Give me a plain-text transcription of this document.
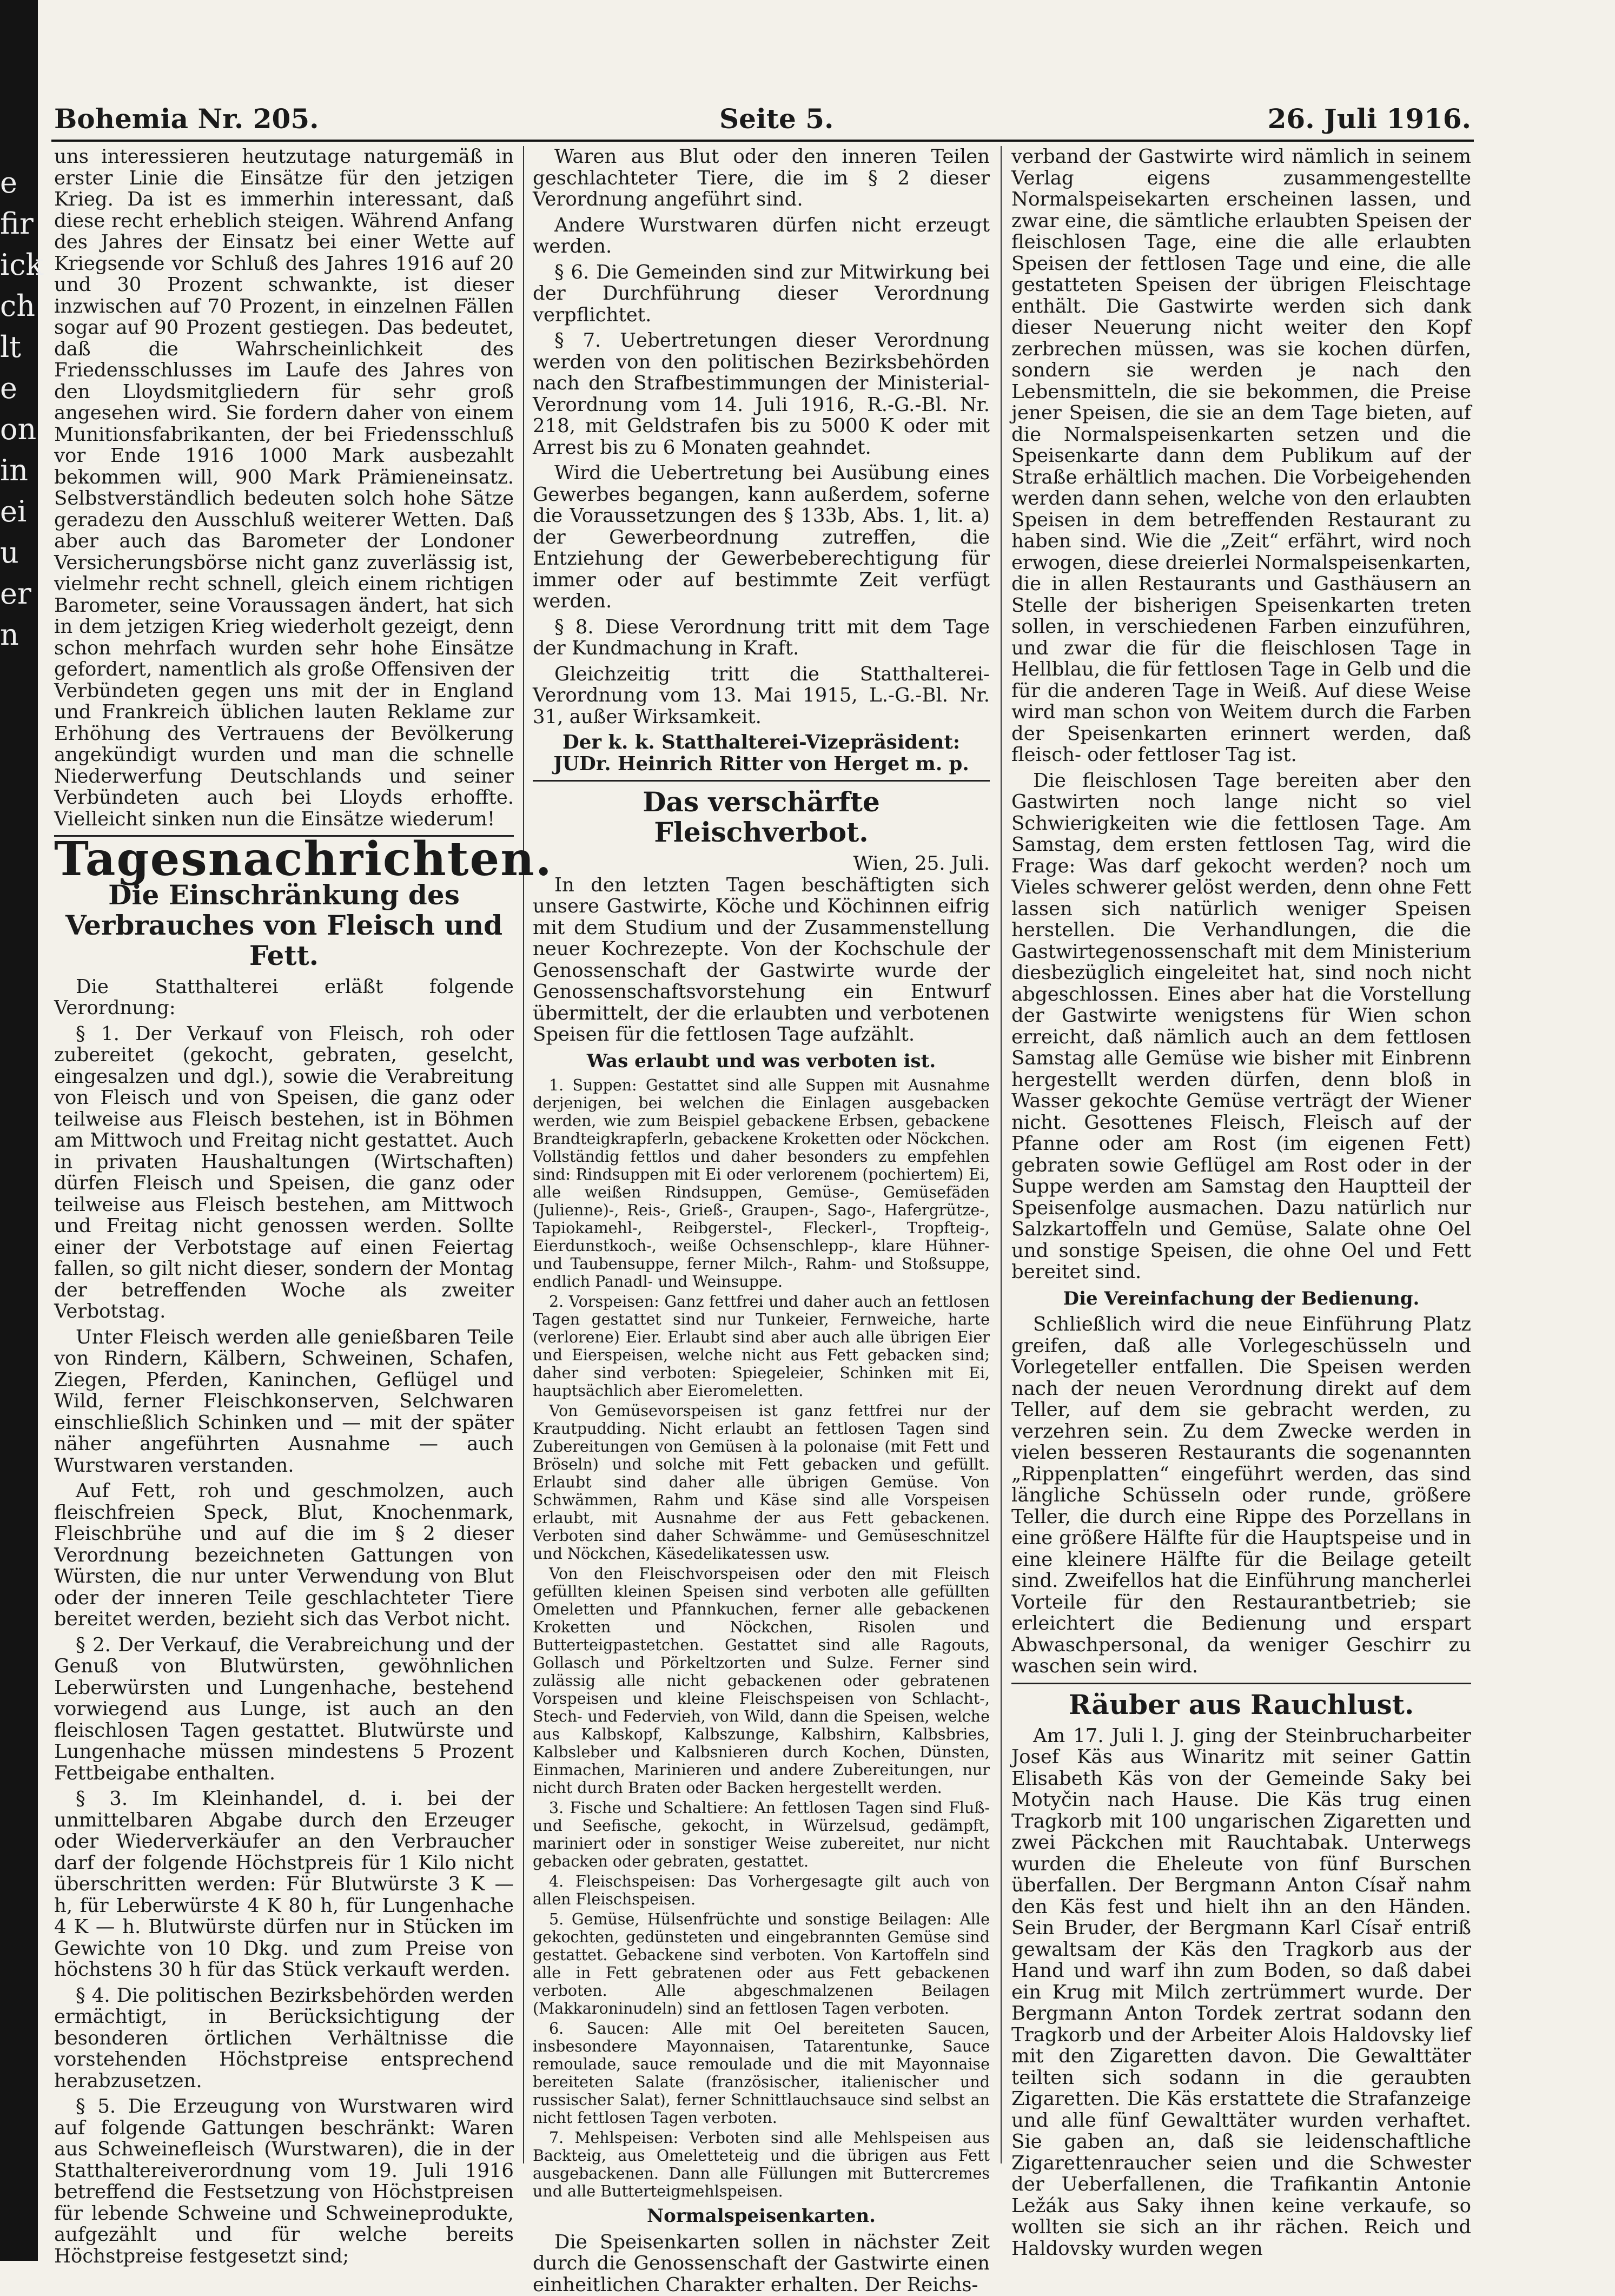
Bohemia Nr. 205.	Seite 5.	26. Juli 1916.

uns interessieren heutzutage naturgemäß in erster Linie die Einsätze für den jetzigen Krieg. Da ist es immerhin interessant, daß diese recht erheblich steigen. Während Anfang des Jahres der Einsatz bei einer Wette auf Kriegsende vor Schluß des Jahres 1916 auf 20 und 30 Prozent schwankte, ist dieser inzwischen auf 70 Prozent, in einzelnen Fällen sogar auf 90 Prozent gestiegen. Das bedeutet, daß die Wahrscheinlichkeit des Friedensschlusses im Laufe des Jahres von den Lloydsmitgliedern für sehr groß angesehen wird. Sie fordern daher von einem Munitionsfabrikanten, der bei Friedensschluß vor Ende 1916 1000 Mark ausbezahlt bekommen will, 900 Mark Prämieneinsatz. Selbstverständlich bedeuten solch hohe Sätze geradezu den Ausschluß weiterer Wetten. Daß aber auch das Barometer der Londoner Versicherungsbörse nicht ganz zuverlässig ist, vielmehr recht schnell, gleich einem richtigen Barometer, seine Voraussagen ändert, hat sich in dem jetzigen Krieg wiederholt gezeigt, denn schon mehrfach wurden sehr hohe Einsätze gefordert, namentlich als große Offensiven der Verbündeten gegen uns mit der in England und Frankreich üblichen lauten Reklame zur Erhöhung des Vertrauens der Bevölkerung angekündigt wurden und man die schnelle Niederwerfung Deutschlands und seiner Verbündeten auch bei Lloyds erhoffte. Vielleicht sinken nun die Einsätze wiederum!

Tagesnachrichten.
Die Einschränkung des Verbrauches von Fleisch und Fett.

Die Statthalterei erläßt folgende Verordnung:

§ 1. Der Verkauf von Fleisch, roh oder zubereitet (gekocht, gebraten, geselcht, eingesalzen und dgl.), sowie die Verabreitung von Fleisch und von Speisen, die ganz oder teilweise aus Fleisch bestehen, ist in Böhmen am Mittwoch und Freitag nicht gestattet. Auch in privaten Haushaltungen (Wirtschaften) dürfen Fleisch und Speisen, die ganz oder teilweise aus Fleisch bestehen, am Mittwoch und Freitag nicht genossen werden. Sollte einer der Verbotstage auf einen Feiertag fallen, so gilt nicht dieser, sondern der Montag der betreffenden Woche als zweiter Verbotstag.

Unter Fleisch werden alle genießbaren Teile von Rindern, Kälbern, Schweinen, Schafen, Ziegen, Pferden, Kaninchen, Geflügel und Wild, ferner Fleischkonserven, Selchwaren einschließlich Schinken und — mit der später näher angeführten Ausnahme — auch Wurstwaren verstanden.

Auf Fett, roh und geschmolzen, auch fleischfreien Speck, Blut, Knochenmark, Fleischbrühe und auf die im § 2 dieser Verordnung bezeichneten Gattungen von Würsten, die nur unter Verwendung von Blut oder der inneren Teile geschlachteter Tiere bereitet werden, bezieht sich das Verbot nicht.

§ 2. Der Verkauf, die Verabreichung und der Genuß von Blutwürsten, gewöhnlichen Leberwürsten und Lungenhache, bestehend vorwiegend aus Lunge, ist auch an den fleischlosen Tagen gestattet. Blutwürste und Lungenhache müssen mindestens 5 Prozent Fettbeigabe enthalten.

§ 3. Im Kleinhandel, d. i. bei der unmittelbaren Abgabe durch den Erzeuger oder Wiederverkäufer an den Verbraucher darf der folgende Höchstpreis für 1 Kilo nicht überschritten werden: Für Blutwürste 3 K — h, für Leberwürste 4 K 80 h, für Lungenhache 4 K — h. Blutwürste dürfen nur in Stücken im Gewichte von 10 Dkg. und zum Preise von höchstens 30 h für das Stück verkauft werden.

§ 4. Die politischen Bezirksbehörden werden ermächtigt, in Berücksichtigung der besonderen örtlichen Verhältnisse die vorstehenden Höchstpreise entsprechend herabzusetzen.

§ 5. Die Erzeugung von Wurstwaren wird auf folgende Gattungen beschränkt: Waren aus Schweinefleisch (Wurstwaren), die in der Statthaltereiverordnung vom 19. Juli 1916 betreffend die Festsetzung von Höchstpreisen für lebende Schweine und Schweineprodukte, aufgezählt und für welche bereits Höchstpreise festgesetzt sind;

Waren aus Blut oder den inneren Teilen geschlachteter Tiere, die im § 2 dieser Verordnung angeführt sind.

Andere Wurstwaren dürfen nicht erzeugt werden.

§ 6. Die Gemeinden sind zur Mitwirkung bei der Durchführung dieser Verordnung verpflichtet.

§ 7. Uebertretungen dieser Verordnung werden von den politischen Bezirksbehörden nach den Strafbestimmungen der Ministerial-Verordnung vom 14. Juli 1916, R.-G.-Bl. Nr. 218, mit Geldstrafen bis zu 5000 K oder mit Arrest bis zu 6 Monaten geahndet.

Wird die Uebertretung bei Ausübung eines Gewerbes begangen, kann außerdem, soferne die Voraussetzungen des § 133b, Abs. 1, lit. a) der Gewerbeordnung zutreffen, die Entziehung der Gewerbeberechtigung für immer oder auf bestimmte Zeit verfügt werden.

§ 8. Diese Verordnung tritt mit dem Tage der Kundmachung in Kraft.

Gleichzeitig tritt die Statthalterei-Verordnung vom 13. Mai 1915, L.-G.-Bl. Nr. 31, außer Wirksamkeit.

Der k. k. Statthalterei-Vizepräsident:
JUDr. Heinrich Ritter von Herget m. p.
Das verschärfte Fleischverbot.
Wien, 25. Juli.

In den letzten Tagen beschäftigten sich unsere Gastwirte, Köche und Köchinnen eifrig mit dem Studium und der Zusammenstellung neuer Kochrezepte. Von der Kochschule der Genossenschaft der Gastwirte wurde der Genossenschaftsvorstehung ein Entwurf übermittelt, der die erlaubten und verbotenen Speisen für die fettlosen Tage aufzählt.

Was erlaubt und was verboten ist.

1. Suppen: Gestattet sind alle Suppen mit Ausnahme derjenigen, bei welchen die Einlagen ausgebacken werden, wie zum Beispiel gebackene Erbsen, gebackene Brandteigkrapferln, gebackene Kroketten oder Nöckchen. Vollständig fettlos und daher besonders zu empfehlen sind: Rindsuppen mit Ei oder verlorenem (pochiertem) Ei, alle weißen Rindsuppen, Gemüse-, Gemüsefäden (Julienne)-, Reis-, Grieß-, Graupen-, Sago-, Hafergrütze-, Tapiokamehl-, Reibgerstel-, Fleckerl-, Tropfteig-, Eierdunstkoch-, weiße Ochsenschlepp-, klare Hühner- und Taubensuppe, ferner Milch-, Rahm- und Stoßsuppe, endlich Panadl- und Weinsuppe.

2. Vorspeisen: Ganz fettfrei und daher auch an fettlosen Tagen gestattet sind nur Tunkeier, Fernweiche, harte (verlorene) Eier. Erlaubt sind aber auch alle übrigen Eier und Eierspeisen, welche nicht aus Fett gebacken sind; daher sind verboten: Spiegeleier, Schinken mit Ei, hauptsächlich aber Eieromeletten.

Von Gemüsevorspeisen ist ganz fettfrei nur der Krautpudding. Nicht erlaubt an fettlosen Tagen sind Zubereitungen von Gemüsen à la polonaise (mit Fett und Bröseln) und solche mit Fett gebacken und gefüllt. Erlaubt sind daher alle übrigen Gemüse. Von Schwämmen, Rahm und Käse sind alle Vorspeisen erlaubt, mit Ausnahme der aus Fett gebackenen. Verboten sind daher Schwämme- und Gemüseschnitzel und Nöckchen, Käsedelikatessen usw.

Von den Fleischvorspeisen oder den mit Fleisch gefüllten kleinen Speisen sind verboten alle gefüllten Omeletten und Pfannkuchen, ferner alle gebackenen Kroketten und Nöckchen, Risolen und Butterteigpastetchen. Gestattet sind alle Ragouts, Gollasch und Pörkeltzorten und Sulze. Ferner sind zulässig alle nicht gebackenen oder gebratenen Vorspeisen und kleine Fleischspeisen von Schlacht-, Stech- und Federvieh, von Wild, dann die Speisen, welche aus Kalbskopf, Kalbszunge, Kalbshirn, Kalbsbries, Kalbsleber und Kalbsnieren durch Kochen, Dünsten, Einmachen, Marinieren und andere Zubereitungen, nur nicht durch Braten oder Backen hergestellt werden.

3. Fische und Schaltiere: An fettlosen Tagen sind Fluß- und Seefische, gekocht, in Würzelsud, gedämpft, mariniert oder in sonstiger Weise zubereitet, nur nicht gebacken oder gebraten, gestattet.

4. Fleischspeisen: Das Vorhergesagte gilt auch von allen Fleischspeisen.

5. Gemüse, Hülsenfrüchte und sonstige Beilagen: Alle gekochten, gedünsteten und eingebrannten Gemüse sind gestattet. Gebackene sind verboten. Von Kartoffeln sind alle in Fett gebratenen oder aus Fett gebackenen verboten. Alle abgeschmalzenen Beilagen (Makkaroninudeln) sind an fettlosen Tagen verboten.

6. Saucen: Alle mit Oel bereiteten Saucen, insbesondere Mayonnaisen, Tatarentunke, Sauce remoulade, sauce remoulade und die mit Mayonnaise bereiteten Salate (französischer, italienischer und russischer Salat), ferner Schnittlauchsauce sind selbst an nicht fettlosen Tagen verboten.

7. Mehlspeisen: Verboten sind alle Mehlspeisen aus Backteig, aus Omeletteteig und die übrigen aus Fett ausgebackenen. Dann alle Füllungen mit Buttercremes und alle Butterteigmehlspeisen.

Normalspeisenkarten.

Die Speisenkarten sollen in nächster Zeit durch die Genossenschaft der Gastwirte einen einheitlichen Charakter erhalten. Der Reichs-

verband der Gastwirte wird nämlich in seinem Verlag eigens zusammengestellte Normalspeisekarten erscheinen lassen, und zwar eine, die sämtliche erlaubten Speisen der fleischlosen Tage, eine die alle erlaubten Speisen der fettlosen Tage und eine, die alle gestatteten Speisen der übrigen Fleischtage enthält. Die Gastwirte werden sich dank dieser Neuerung nicht weiter den Kopf zerbrechen müssen, was sie kochen dürfen, sondern sie werden je nach den Lebensmitteln, die sie bekommen, die Preise jener Speisen, die sie an dem Tage bieten, auf die Normalspeisenkarten setzen und die Speisenkarte dann dem Publikum auf der Straße erhältlich machen. Die Vorbeigehenden werden dann sehen, welche von den erlaubten Speisen in dem betreffenden Restaurant zu haben sind. Wie die „Zeit“ erfährt, wird noch erwogen, diese dreierlei Normalspeisenkarten, die in allen Restaurants und Gasthäusern an Stelle der bisherigen Speisenkarten treten sollen, in verschiedenen Farben einzuführen, und zwar die für die fleischlosen Tage in Hellblau, die für fettlosen Tage in Gelb und die für die anderen Tage in Weiß. Auf diese Weise wird man schon von Weitem durch die Farben der Speisenkarten erinnert werden, daß fleisch- oder fettloser Tag ist.

Die fleischlosen Tage bereiten aber den Gastwirten noch lange nicht so viel Schwierigkeiten wie die fettlosen Tage. Am Samstag, dem ersten fettlosen Tag, wird die Frage: Was darf gekocht werden? noch um Vieles schwerer gelöst werden, denn ohne Fett lassen sich natürlich weniger Speisen herstellen. Die Verhandlungen, die die Gastwirtegenossenschaft mit dem Ministerium diesbezüglich eingeleitet hat, sind noch nicht abgeschlossen. Eines aber hat die Vorstellung der Gastwirte wenigstens für Wien schon erreicht, daß nämlich auch an dem fettlosen Samstag alle Gemüse wie bisher mit Einbrenn hergestellt werden dürfen, denn bloß in Wasser gekochte Gemüse verträgt der Wiener nicht. Gesottenes Fleisch, Fleisch auf der Pfanne oder am Rost (im eigenen Fett) gebraten sowie Geflügel am Rost oder in der Suppe werden am Samstag den Hauptteil der Speisenfolge ausmachen. Dazu natürlich nur Salzkartoffeln und Gemüse, Salate ohne Oel und sonstige Speisen, die ohne Oel und Fett bereitet sind.

Die Vereinfachung der Bedienung.

Schließlich wird die neue Einführung Platz greifen, daß alle Vorlegeschüsseln und Vorlegeteller entfallen. Die Speisen werden nach der neuen Verordnung direkt auf dem Teller, auf dem sie gebracht werden, zu verzehren sein. Zu dem Zwecke werden in vielen besseren Restaurants die sogenannten „Rippenplatten“ eingeführt werden, das sind längliche Schüsseln oder runde, größere Teller, die durch eine Rippe des Porzellans in eine größere Hälfte für die Hauptspeise und in eine kleinere Hälfte für die Beilage geteilt sind. Zweifellos hat die Einführung mancherlei Vorteile für den Restaurantbetrieb; sie erleichtert die Bedienung und erspart Abwaschpersonal, da weniger Geschirr zu waschen sein wird.

Räuber aus Rauchlust.

Am 17. Juli l. J. ging der Steinbrucharbeiter Josef Käs aus Winaritz mit seiner Gattin Elisabeth Käs von der Gemeinde Saky bei Motyčin nach Hause. Die Käs trug einen Tragkorb mit 100 ungarischen Zigaretten und zwei Päckchen mit Rauchtabak. Unterwegs wurden die Eheleute von fünf Burschen überfallen. Der Bergmann Anton Císař nahm den Käs fest und hielt ihn an den Händen. Sein Bruder, der Bergmann Karl Císař entriß gewaltsam der Käs den Tragkorb aus der Hand und warf ihn zum Boden, so daß dabei ein Krug mit Milch zertrümmert wurde. Der Bergmann Anton Tordek zertrat sodann den Tragkorb und der Arbeiter Alois Haldovsky lief mit den Zigaretten davon. Die Gewalttäter teilten sich sodann in die geraubten Zigaretten. Die Käs erstattete die Strafanzeige und alle fünf Gewalttäter wurden verhaftet. Sie gaben an, daß sie leidenschaftliche Zigarettenraucher seien und die Schwester der Ueberfallenen, die Trafikantin Antonie Ležák aus Saky ihnen keine verkaufe, so wollten sie sich an ihr rächen. Reich und Haldovsky wurden wegen

e
fir
ick
ch
lt
e
on
in
ei
u
er
n
